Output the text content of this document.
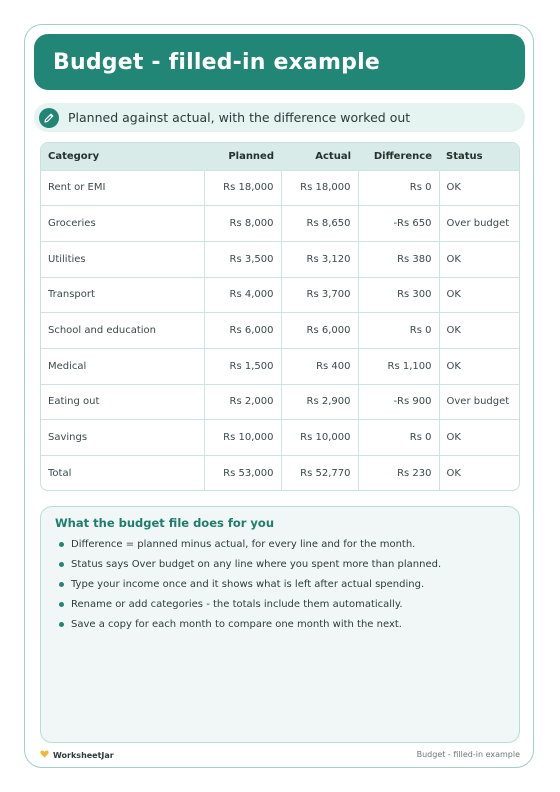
Budget - filled-in example
Planned against actual, with the difference worked out
Category	Planned	Actual	Difference	Status
Rent or EMI	Rs 18,000	Rs 18,000	Rs 0	OK
Groceries	Rs 8,000	Rs 8,650	-Rs 650	Over budget
Utilities	Rs 3,500	Rs 3,120	Rs 380	OK
Transport	Rs 4,000	Rs 3,700	Rs 300	OK
School and education	Rs 6,000	Rs 6,000	Rs 0	OK
Medical	Rs 1,500	Rs 400	Rs 1,100	OK
Eating out	Rs 2,000	Rs 2,900	-Rs 900	Over budget
Savings	Rs 10,000	Rs 10,000	Rs 0	OK
Total	Rs 53,000	Rs 52,770	Rs 230	OK
What the budget file does for you
Difference = planned minus actual, for every line and for the month.
Status says Over budget on any line where you spent more than planned.
Type your income once and it shows what is left after actual spending.
Rename or add categories - the totals include them automatically.
Save a copy for each month to compare one month with the next.
WorksheetJar	Budget - filled-in example
